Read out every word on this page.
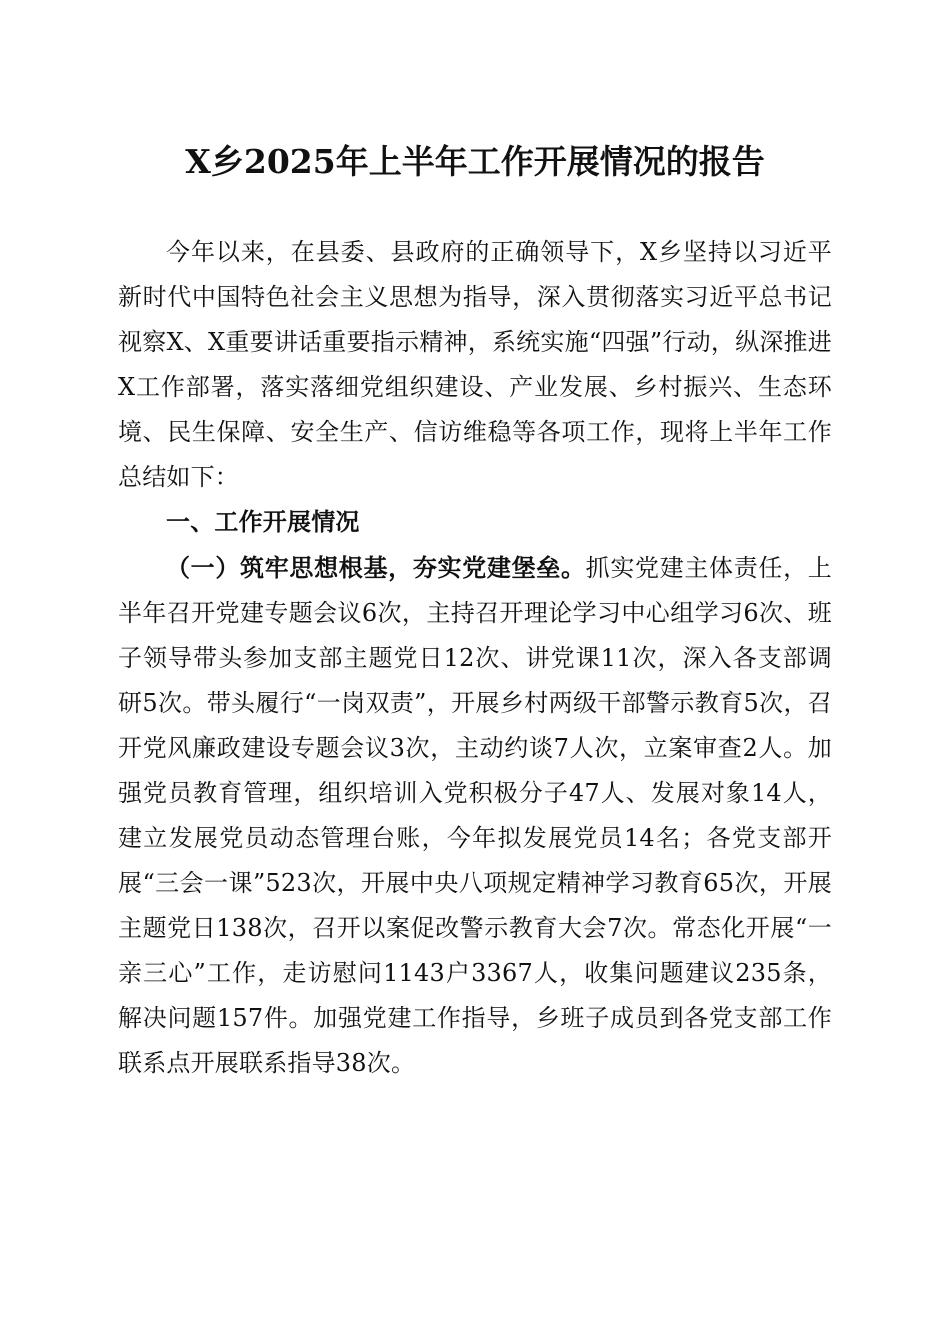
X乡2025年上半年工作开展情况的报告

今年以来，在县委、县政府的正确领导下，X乡坚持以习近平新时代中国特色社会主义思想为指导，深入贯彻落实习近平总书记视察X、X重要讲话重要指示精神，系统实施“四强”行动，纵深推进X工作部署，落实落细党组织建设、产业发展、乡村振兴、生态环境、民生保障、安全生产、信访维稳等各项工作，现将上半年工作总结如下：

一、工作开展情况

（一）筑牢思想根基，夯实党建堡垒。抓实党建主体责任，上半年召开党建专题会议6次，主持召开理论学习中心组学习6次、班子领导带头参加支部主题党日12次、讲党课11次，深入各支部调研5次。带头履行“一岗双责”，开展乡村两级干部警示教育5次，召开党风廉政建设专题会议3次，主动约谈7人次，立案审查2人。加强党员教育管理，组织培训入党积极分子47人、发展对象14人，建立发展党员动态管理台账，今年拟发展党员14名；各党支部开展“三会一课”523次，开展中央八项规定精神学习教育65次，开展主题党日138次，召开以案促改警示教育大会7次。常态化开展“一亲三心”工作，走访慰问1143户3367人，收集问题建议235条，解决问题157件。加强党建工作指导，乡班子成员到各党支部工作联系点开展联系指导38次。
